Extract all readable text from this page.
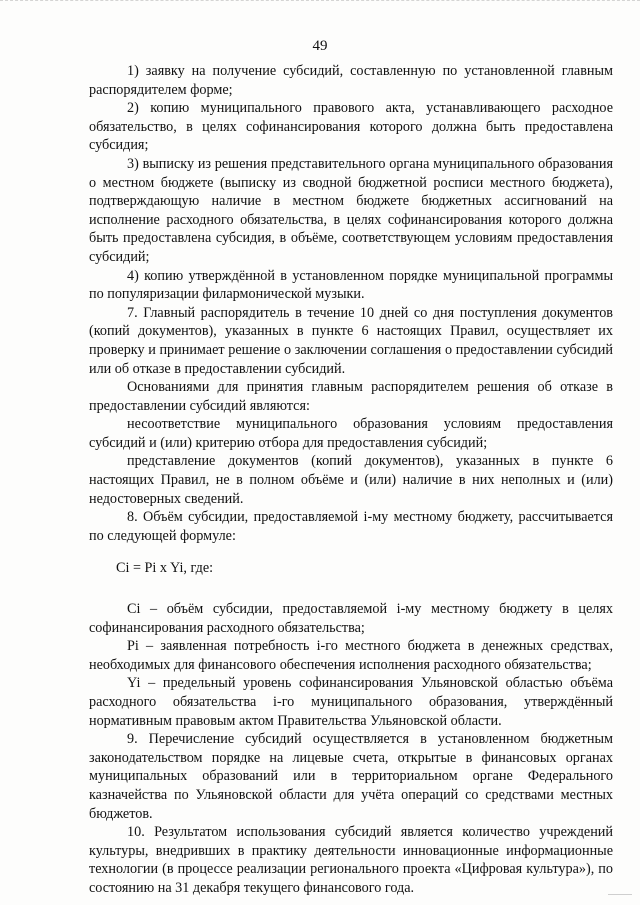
49

1) заявку на получение субсидий, составленную по установленной главным распорядителем форме;

2) копию муниципального правового акта, устанавливающего расходное обязательство, в целях софинансирования которого должна быть предоставлена субсидия;

3) выписку из решения представительного органа муниципального образования о местном бюджете (выписку из сводной бюджетной росписи местного бюджета), подтверждающую наличие в местном бюджете бюджетных ассигнований на исполнение расходного обязательства, в целях софинансирования которого должна быть предоставлена субсидия, в объёме, соответствующем условиям предоставления субсидий;

4) копию утверждённой в установленном порядке муниципальной программы по популяризации филармонической музыки.

7. Главный распорядитель в течение 10 дней со дня поступления документов (копий документов), указанных в пункте 6 настоящих Правил, осуществляет их проверку и принимает решение о заключении соглашения о предоставлении субсидий или об отказе в предоставлении субсидий.

Основаниями для принятия главным распорядителем решения об отказе в предоставлении субсидий являются:

несоответствие муниципального образования условиям предоставления субсидий и (или) критерию отбора для предоставления субсидий;

представление документов (копий документов), указанных в пункте 6 настоящих Правил, не в полном объёме и (или) наличие в них неполных и (или) недостоверных сведений.

8. Объём субсидии, предоставляемой i-му местному бюджету, рассчитывается по следующей формуле:

Ci = Pi x Yi, где:

Ci – объём субсидии, предоставляемой i-му местному бюджету в целях софинансирования расходного обязательства;

Pi – заявленная потребность i-го местного бюджета в денежных средствах, необходимых для финансового обеспечения исполнения расходного обязательства;

Yi – предельный уровень софинансирования Ульяновской областью объёма расходного обязательства i-го муниципального образования, утверждённый нормативным правовым актом Правительства Ульяновской области.

9. Перечисление субсидий осуществляется в установленном бюджетным законодательством порядке на лицевые счета, открытые в финансовых органах муниципальных образований или в территориальном органе Федерального казначейства по Ульяновской области для учёта операций со средствами местных бюджетов.

10. Результатом использования субсидий является количество учреждений культуры, внедривших в практику деятельности инновационные информационные технологии (в процессе реализации регионального проекта «Цифровая культура»), по состоянию на 31 декабря текущего финансового года.
